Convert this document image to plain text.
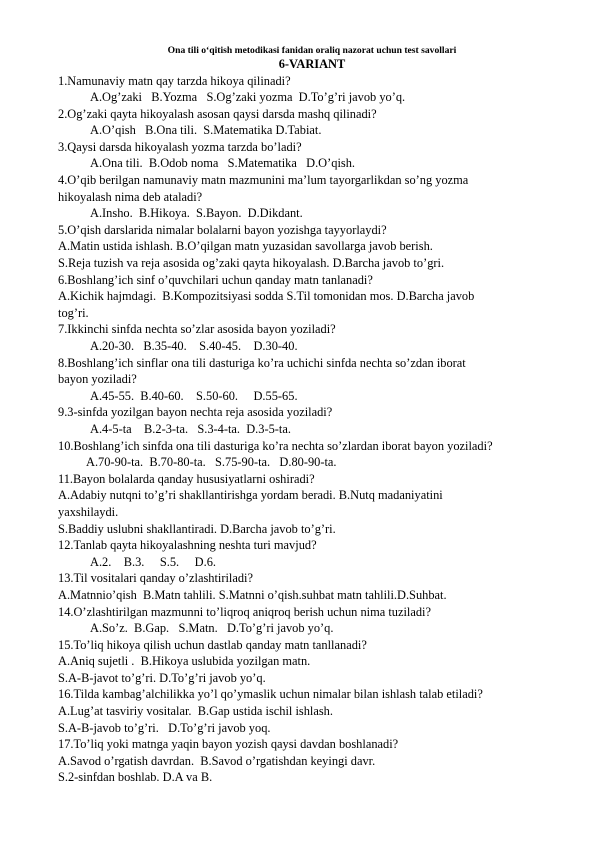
Ona tili o‘qitish metodikasi fanidan oraliq nazorat uchun test savollari
6-VARIANT
1.Namunaviy matn qay tarzda hikoya qilinadi?
A.Og’zaki   B.Yozma   S.Og’zaki yozma  D.To’g’ri javob yo’q.
2.Og’zaki qayta hikoyalash asosan qaysi darsda mashq qilinadi?
A.O’qish   B.Ona tili.  S.Matematika D.Tabiat.
3.Qaysi darsda hikoyalash yozma tarzda bo’ladi?
A.Ona tili.  B.Odob noma   S.Matematika   D.O’qish.
4.O’qib berilgan namunaviy matn mazmunini ma’lum tayorgarlikdan so’ng yozma
hikoyalash nima deb ataladi?
A.Insho.  B.Hikoya.  S.Bayon.  D.Dikdant.
5.O’qish darslarida nimalar bolalarni bayon yozishga tayyorlaydi?
A.Matin ustida ishlash. B.O’qilgan matn yuzasidan savollarga javob berish.
S.Reja tuzish va reja asosida og’zaki qayta hikoyalash. D.Barcha javob to’gri.
6.Boshlang’ich sinf o’quvchilari uchun qanday matn tanlanadi?
A.Kichik hajmdagi.  B.Kompozitsiyasi sodda S.Til tomonidan mos. D.Barcha javob
tog’ri.
7.Ikkinchi sinfda nechta so’zlar asosida bayon yoziladi?
A.20-30.   B.35-40.    S.40-45.    D.30-40.
8.Boshlang’ich sinflar ona tili dasturiga ko’ra uchichi sinfda nechta so’zdan iborat
bayon yoziladi?
A.45-55.  B.40-60.    S.50-60.     D.55-65.
9.3-sinfda yozilgan bayon nechta reja asosida yoziladi?
A.4-5-ta    B.2-3-ta.   S.3-4-ta.  D.3-5-ta.
10.Boshlang’ich sinfda ona tili dasturiga ko’ra nechta so’zlardan iborat bayon yoziladi?
A.70-90-ta.  B.70-80-ta.   S.75-90-ta.   D.80-90-ta.
11.Bayon bolalarda qanday hususiyatlarni oshiradi?
A.Adabiy nutqni to’g’ri shakllantirishga yordam beradi. B.Nutq madaniyatini
yaxshilaydi.
S.Baddiy uslubni shakllantiradi. D.Barcha javob to’g’ri.
12.Tanlab qayta hikoyalashning neshta turi mavjud?
A.2.    B.3.     S.5.     D.6.
13.Til vositalari qanday o’zlashtiriladi?
A.Matnnio’qish  B.Matn tahlili. S.Matnni o’qish.suhbat matn tahlili.D.Suhbat.
14.O’zlashtirilgan mazmunni to’liqroq aniqroq berish uchun nima tuziladi?
A.So’z.  B.Gap.   S.Matn.   D.To’g’ri javob yo’q.
15.To’liq hikoya qilish uchun dastlab qanday matn tanllanadi?
A.Aniq sujetli .  B.Hikoya uslubida yozilgan matn.
S.A-B-javot to’g’ri. D.To’g’ri javob yo’q.
16.Tilda kambag’alchilikka yo’l qo’ymaslik uchun nimalar bilan ishlash talab etiladi?
A.Lug’at tasviriy vositalar.  B.Gap ustida ischil ishlash.
S.A-B-javob to’g’ri.   D.To’g’ri javob yoq.
17.To’liq yoki matnga yaqin bayon yozish qaysi davdan boshlanadi?
A.Savod o’rgatish davrdan.  B.Savod o’rgatishdan keyingi davr.
S.2-sinfdan boshlab. D.A va B.
